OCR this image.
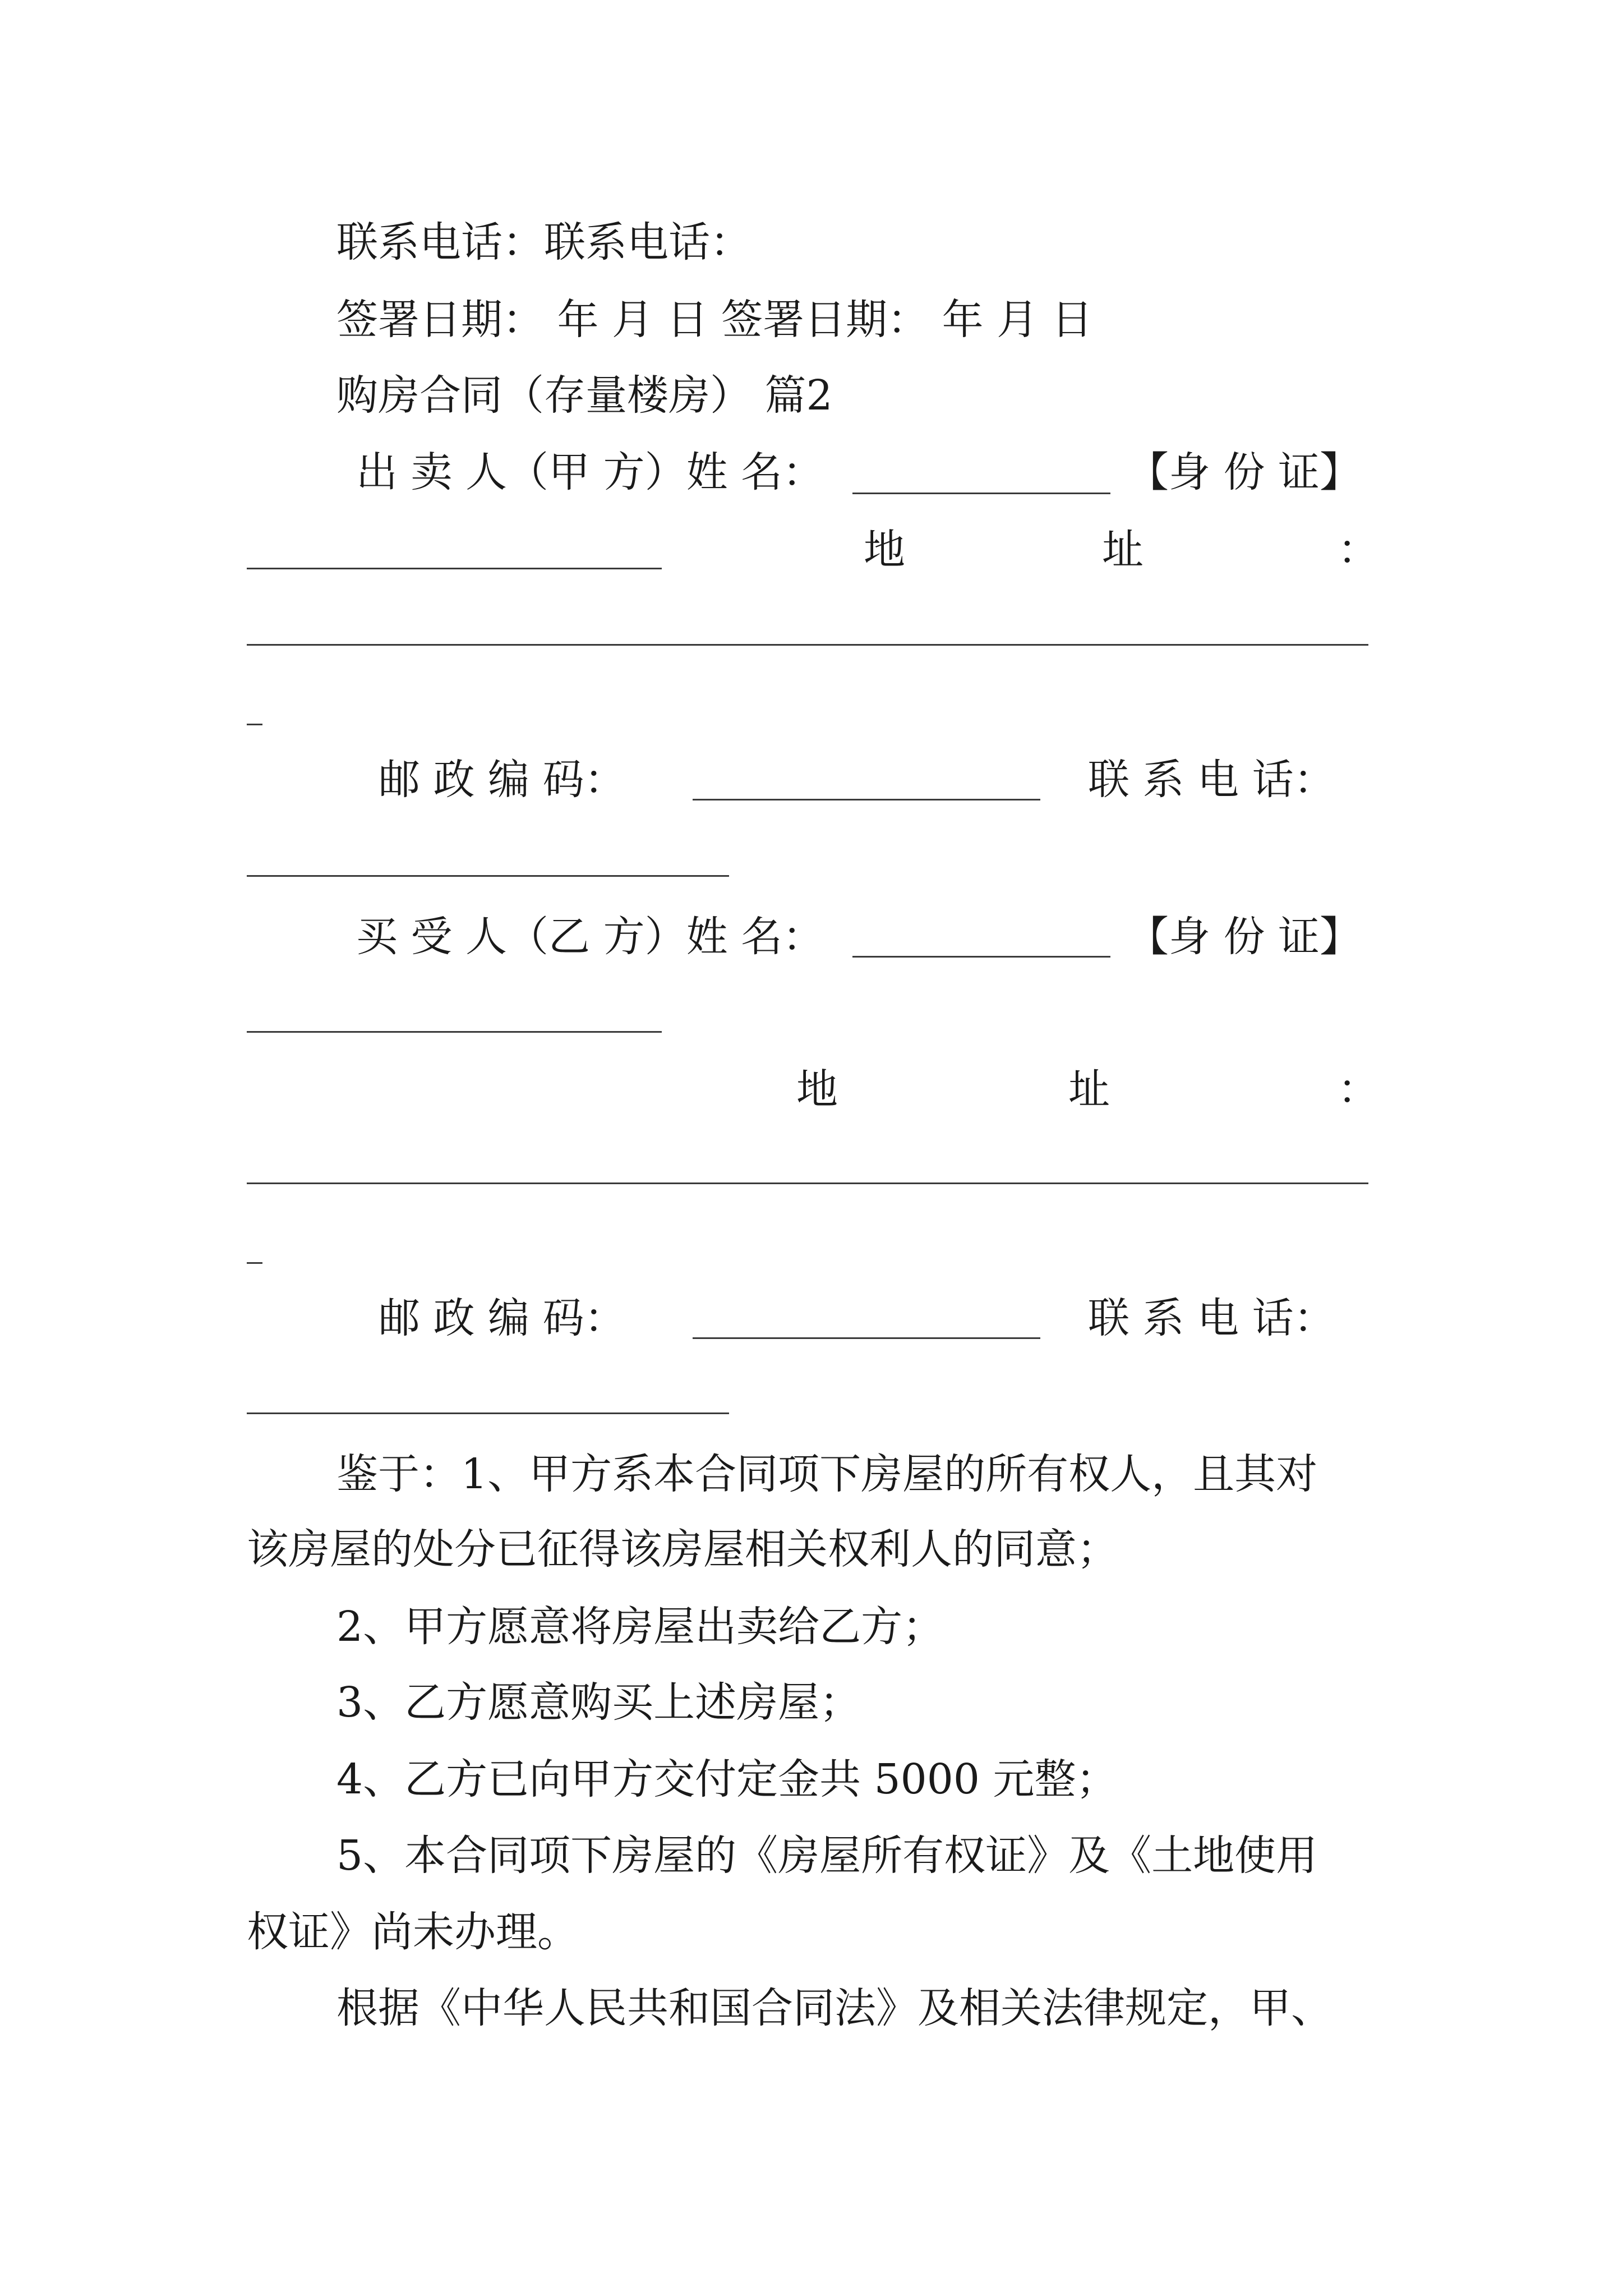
联系电话：联系电话：
签署日期： 年 月 日 签署日期： 年 月 日
购房合同（存量楼房） 篇2
出 卖 人（甲 方）姓 名：	【身 份 证】
地	址	：
邮 政 编 码：	联 系 电 话：
买 受 人（乙 方）姓 名：	【身 份 证】
地	址	：
邮 政 编 码：	联 系 电 话：
鉴于：1、甲方系本合同项下房屋的所有权人，且其对
该房屋的处分已征得该房屋相关权利人的同意；
2、甲方愿意将房屋出卖给乙方；
3、乙方愿意购买上述房屋；
4、乙方已向甲方交付定金共 5000 元整；
5、本合同项下房屋的《房屋所有权证》及《土地使用
权证》尚未办理。
根据《中华人民共和国合同法》及相关法律规定，甲、
